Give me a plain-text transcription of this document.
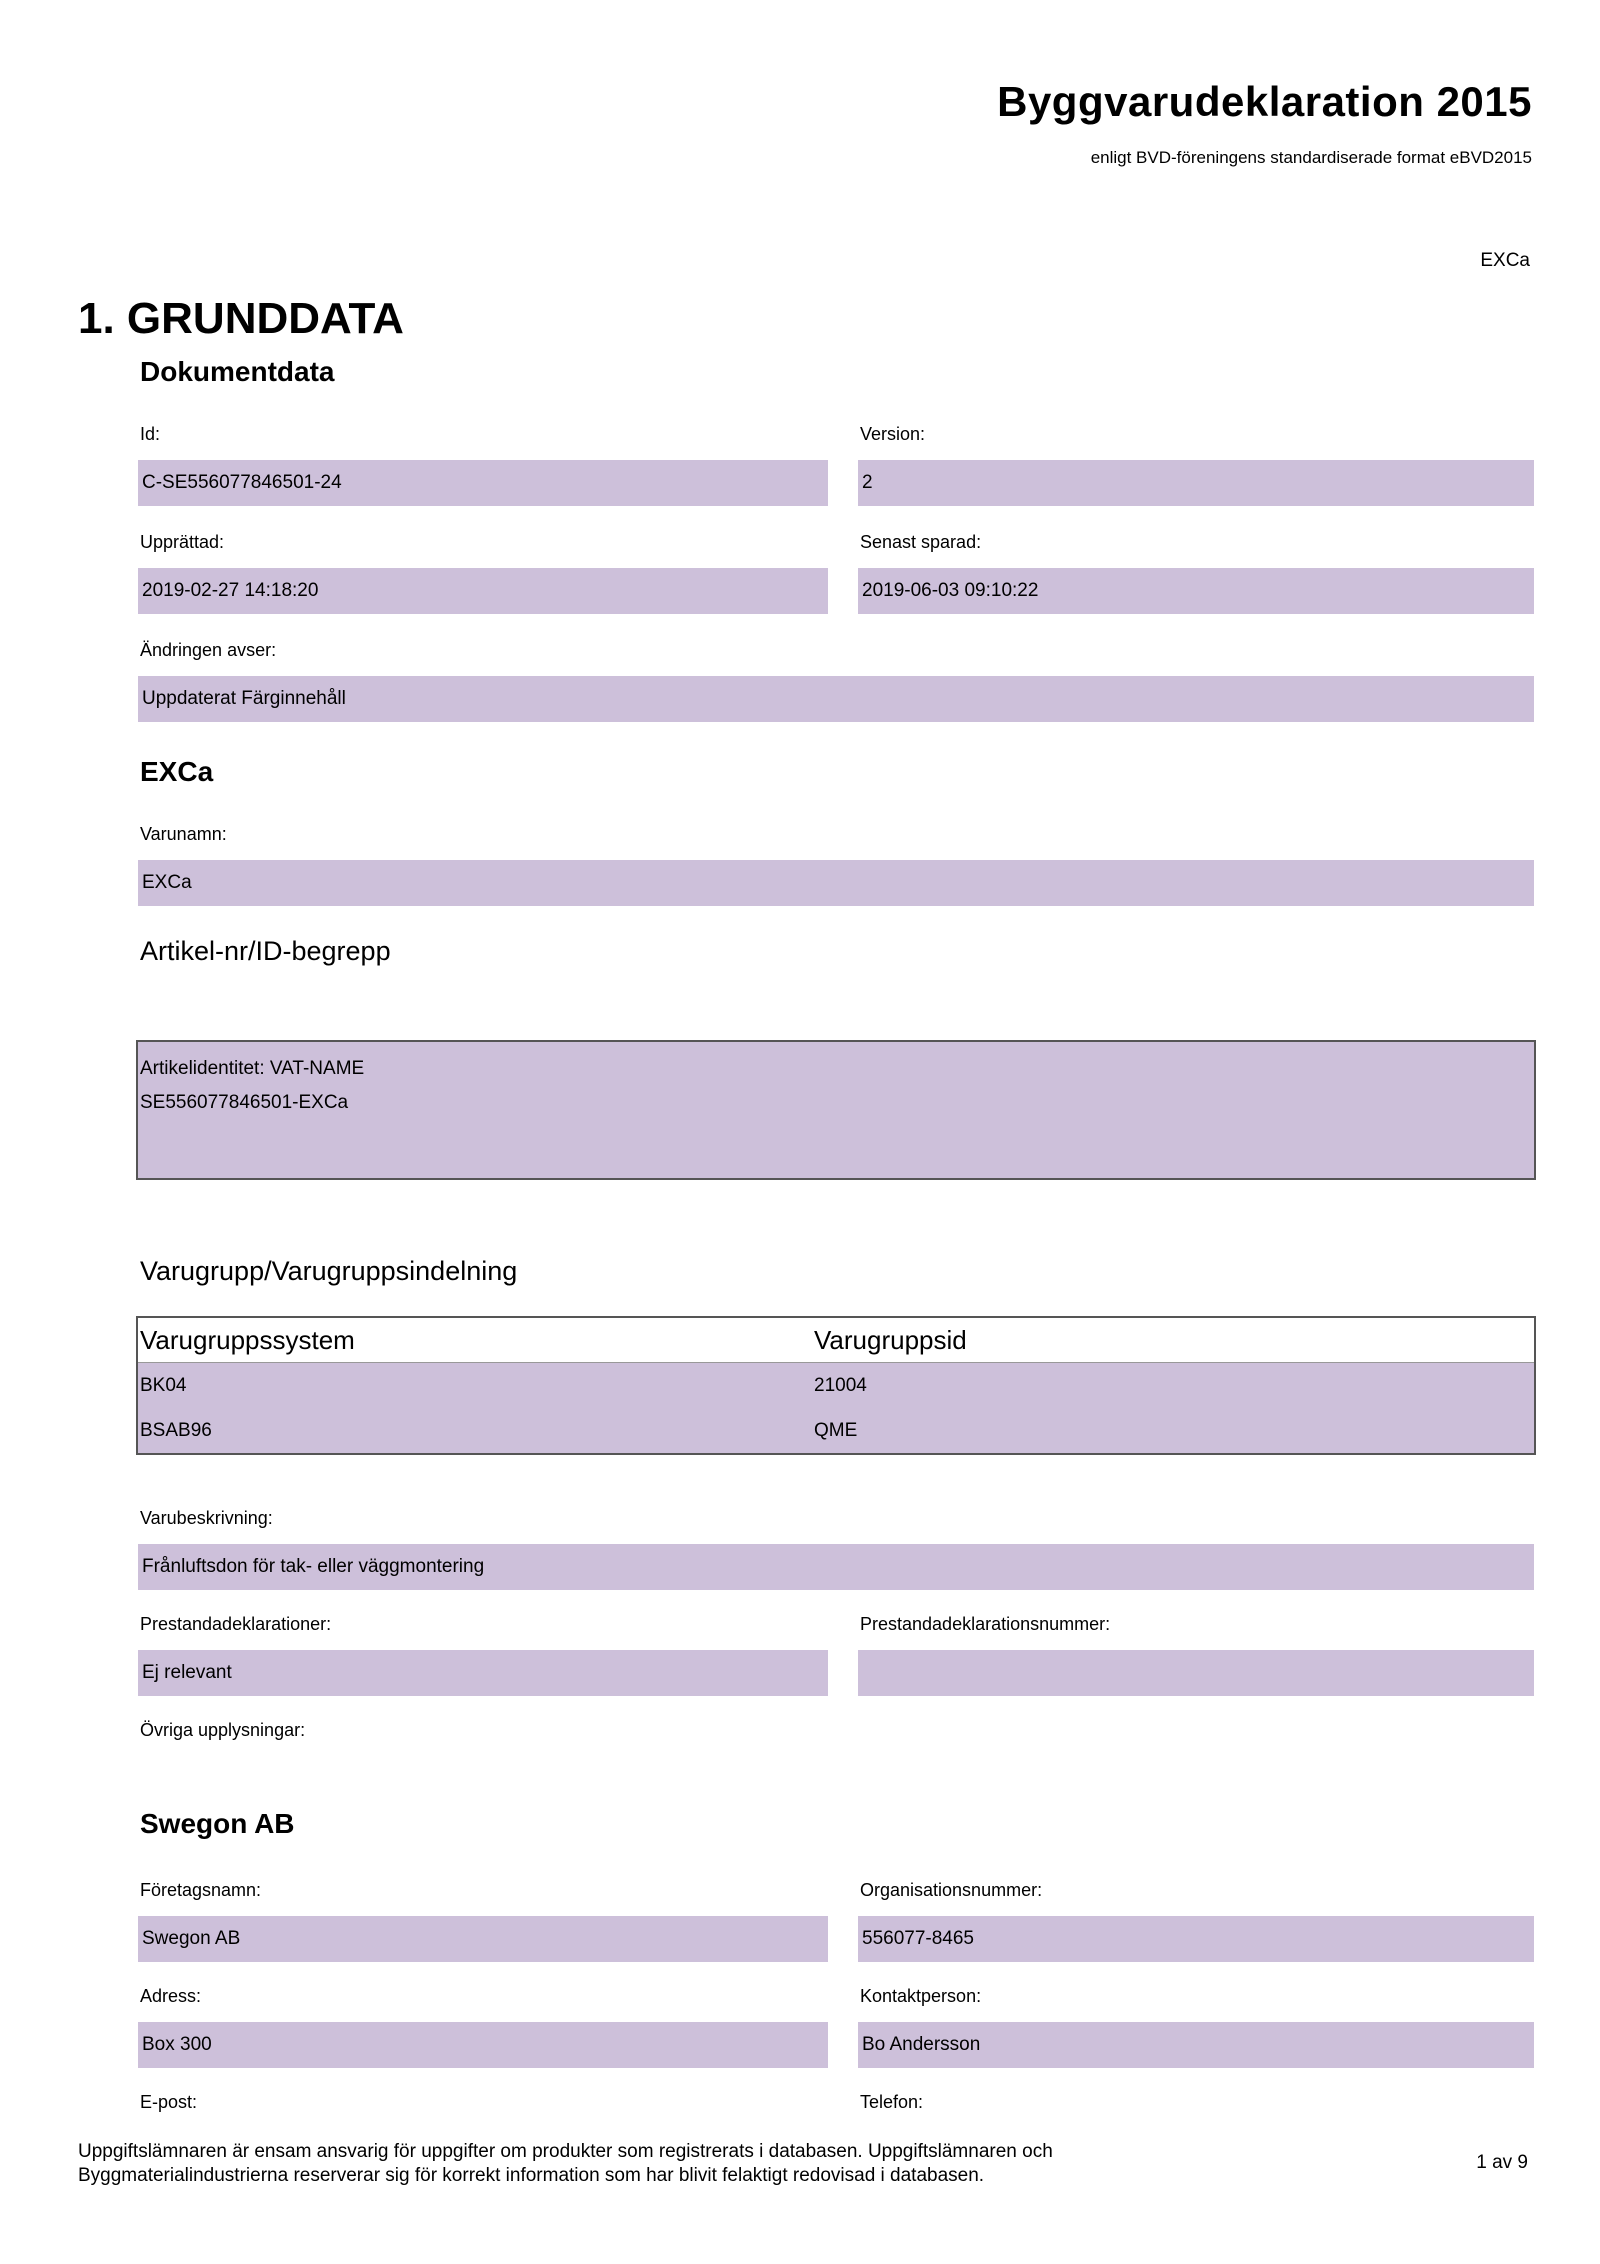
Byggvarudeklaration 2015
enligt BVD-föreningens standardiserade format eBVD2015
EXCa
1. GRUNDDATA
Dokumentdata
Id:	Version:
C-SE556077846501-24	2
Upprättad:	Senast sparad:
2019-02-27 14:18:20	2019-06-03 09:10:22
Ändringen avser:
Uppdaterat Färginnehåll
EXCa
Varunamn:
EXCa
Artikel-nr/ID-begrepp
Artikelidentitet: VAT-NAME
SE556077846501-EXCa
Varugrupp/Varugruppsindelning
Varugruppssystem	Varugruppsid
BK04	21004
BSAB96	QME
Varubeskrivning:
Frånluftsdon för tak- eller väggmontering
Prestandadeklarationer:	Prestandadeklarationsnummer:
Ej relevant
Övriga upplysningar:
Swegon AB
Företagsnamn:	Organisationsnummer:
Swegon AB	556077-8465
Adress:	Kontaktperson:
Box 300	Bo Andersson
E-post:	Telefon:
Uppgiftslämnaren är ensam ansvarig för uppgifter om produkter som registrerats i databasen. Uppgiftslämnaren och
Byggmaterialindustrierna reserverar sig för korrekt information som har blivit felaktigt redovisad i databasen.
1 av 9
